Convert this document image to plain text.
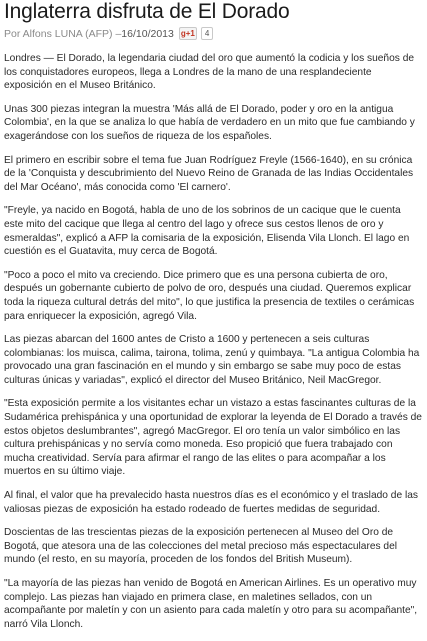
Inglaterra disfruta de El Dorado
Por Alfons LUNA (AFP) – 16/10/2013 g+1	4

Londres — El Dorado, la legendaria ciudad del oro que aumentó la codicia y los sueños de los conquistadores europeos, llega a Londres de la mano de una resplandeciente exposición en el Museo Británico.

Unas 300 piezas integran la muestra 'Más allá de El Dorado, poder y oro en la antigua Colombia', en la que se analiza lo que había de verdadero en un mito que fue cambiando y exagerándose con los sueños de riqueza de los españoles.

El primero en escribir sobre el tema fue Juan Rodríguez Freyle (1566-1640), en su crónica de la 'Conquista y descubrimiento del Nuevo Reino de Granada de las Indias Occidentales del Mar Océano', más conocida como 'El carnero'.

"Freyle, ya nacido en Bogotá, habla de uno de los sobrinos de un cacique que le cuenta este mito del cacique que llega al centro del lago y ofrece sus cestos llenos de oro y esmeraldas", explicó a AFP la comisaria de la exposición, Elisenda Vila Llonch. El lago en cuestión es el Guatavita, muy cerca de Bogotá.

"Poco a poco el mito va creciendo. Dice primero que es una persona cubierta de oro, después un gobernante cubierto de polvo de oro, después una ciudad. Queremos explicar toda la riqueza cultural detrás del mito", lo que justifica la presencia de textiles o cerámicas para enriquecer la exposición, agregó Vila.

Las piezas abarcan del 1600 antes de Cristo a 1600 y pertenecen a seis culturas colombianas: los muisca, calima, tairona, tolima, zenú y quimbaya. "La antigua Colombia ha provocado una gran fascinación en el mundo y sin embargo se sabe muy poco de estas culturas únicas y variadas", explicó el director del Museo Británico, Neil MacGregor.

"Esta exposición permite a los visitantes echar un vistazo a estas fascinantes culturas de la Sudamérica prehispánica y una oportunidad de explorar la leyenda de El Dorado a través de estos objetos deslumbrantes", agregó MacGregor. El oro tenía un valor simbólico en las cultura prehispánicas y no servía como moneda. Eso propició que fuera trabajado con mucha creatividad. Servía para afirmar el rango de las elites o para acompañar a los muertos en su último viaje.

Al final, el valor que ha prevalecido hasta nuestros días es el económico y el traslado de las valiosas piezas de exposición ha estado rodeado de fuertes medidas de seguridad.

Doscientas de las trescientas piezas de la exposición pertenecen al Museo del Oro de Bogotá, que atesora una de las colecciones del metal precioso más espectaculares del mundo (el resto, en su mayoría, proceden de los fondos del British Museum).

"La mayoría de las piezas han venido de Bogotá en American Airlines. Es un operativo muy complejo. Las piezas han viajado en primera clase, en maletines sellados, con un acompañante por maletín y con un asiento para cada maletín y otro para su acompañante", narró Vila Llonch.
